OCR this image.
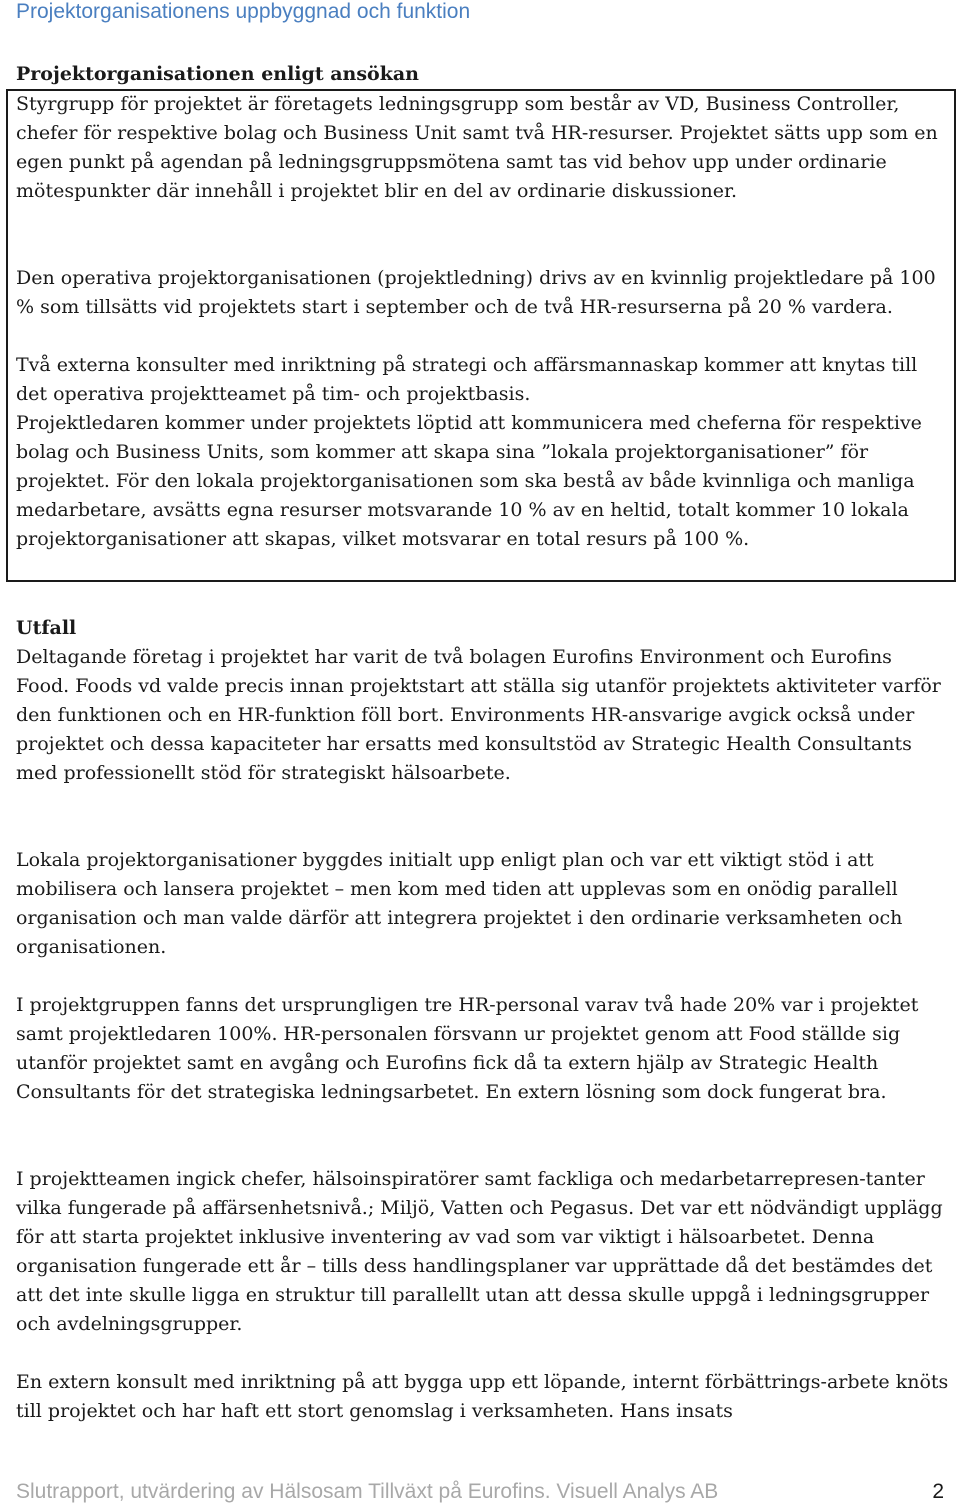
Projektorganisationens uppbyggnad och funktion
Projektorganisationen enligt ansökan

Styrgrupp för projektet är företagets ledningsgrupp som består av VD, Business Controller, chefer för respektive bolag och Business Unit samt två HR-resurser. Projektet sätts upp som en egen punkt på agendan på ledningsgruppsmötena samt tas vid behov upp under ordinarie mötespunkter där innehåll i projektet blir en del av ordinarie diskussioner.

Den operativa projektorganisationen (projektledning) drivs av en kvinnlig projektledare på 100 % som tillsätts vid projektets start i september och de två HR-resurserna på 20 % vardera.

Två externa konsulter med inriktning på strategi och affärsmannaskap kommer att knytas till det operativa projektteamet på tim- och projektbasis.

Projektledaren kommer under projektets löptid att kommunicera med cheferna för respektive bolag och Business Units, som kommer att skapa sina ”lokala projektorganisationer” för projektet. För den lokala projektorganisationen som ska bestå av både kvinnliga och manliga medarbetare, avsätts egna resurser motsvarande 10 % av en heltid, totalt kommer 10 lokala projektorganisationer att skapas, vilket motsvarar en total resurs på 100 %.

Utfall

Deltagande företag i projektet har varit de två bolagen Eurofins Environment och Eurofins Food. Foods vd valde precis innan projektstart att ställa sig utanför projektets aktiviteter varför den funktionen och en HR-funktion föll bort. Environments HR-ansvarige avgick också under projektet och dessa kapaciteter har ersatts med konsultstöd av Strategic Health Consultants med professionellt stöd för strategiskt hälsoarbete.

Lokala projektorganisationer byggdes initialt upp enligt plan och var ett viktigt stöd i att mobilisera och lansera projektet – men kom med tiden att upplevas som en onödig parallell organisation och man valde därför att integrera projektet i den ordinarie verksamheten och organisationen.

I projektgruppen fanns det ursprungligen tre HR-personal varav två hade 20% var i projektet samt projektledaren 100%. HR-personalen försvann ur projektet genom att Food ställde sig utanför projektet samt en avgång och Eurofins fick då ta extern hjälp av Strategic Health Consultants för det strategiska ledningsarbetet. En extern lösning som dock fungerat bra.

I projektteamen ingick chefer, hälsoinspiratörer samt fackliga och medarbetarrepresen-tanter vilka fungerade på affärsenhetsnivå.; Miljö, Vatten och Pegasus. Det var ett nödvändigt upplägg för att starta projektet inklusive inventering av vad som var viktigt i hälsoarbetet. Denna organisation fungerade ett år – tills dess handlingsplaner var upprättade då det bestämdes det att det inte skulle ligga en struktur till parallellt utan att dessa skulle uppgå i ledningsgrupper och avdelningsgrupper.

En extern konsult med inriktning på att bygga upp ett löpande, internt förbättrings-arbete knöts till projektet och har haft ett stort genomslag i verksamheten. Hans insats

Slutrapport, utvärdering av Hälsosam Tillväxt på Eurofins. Visuell Analys AB	2
